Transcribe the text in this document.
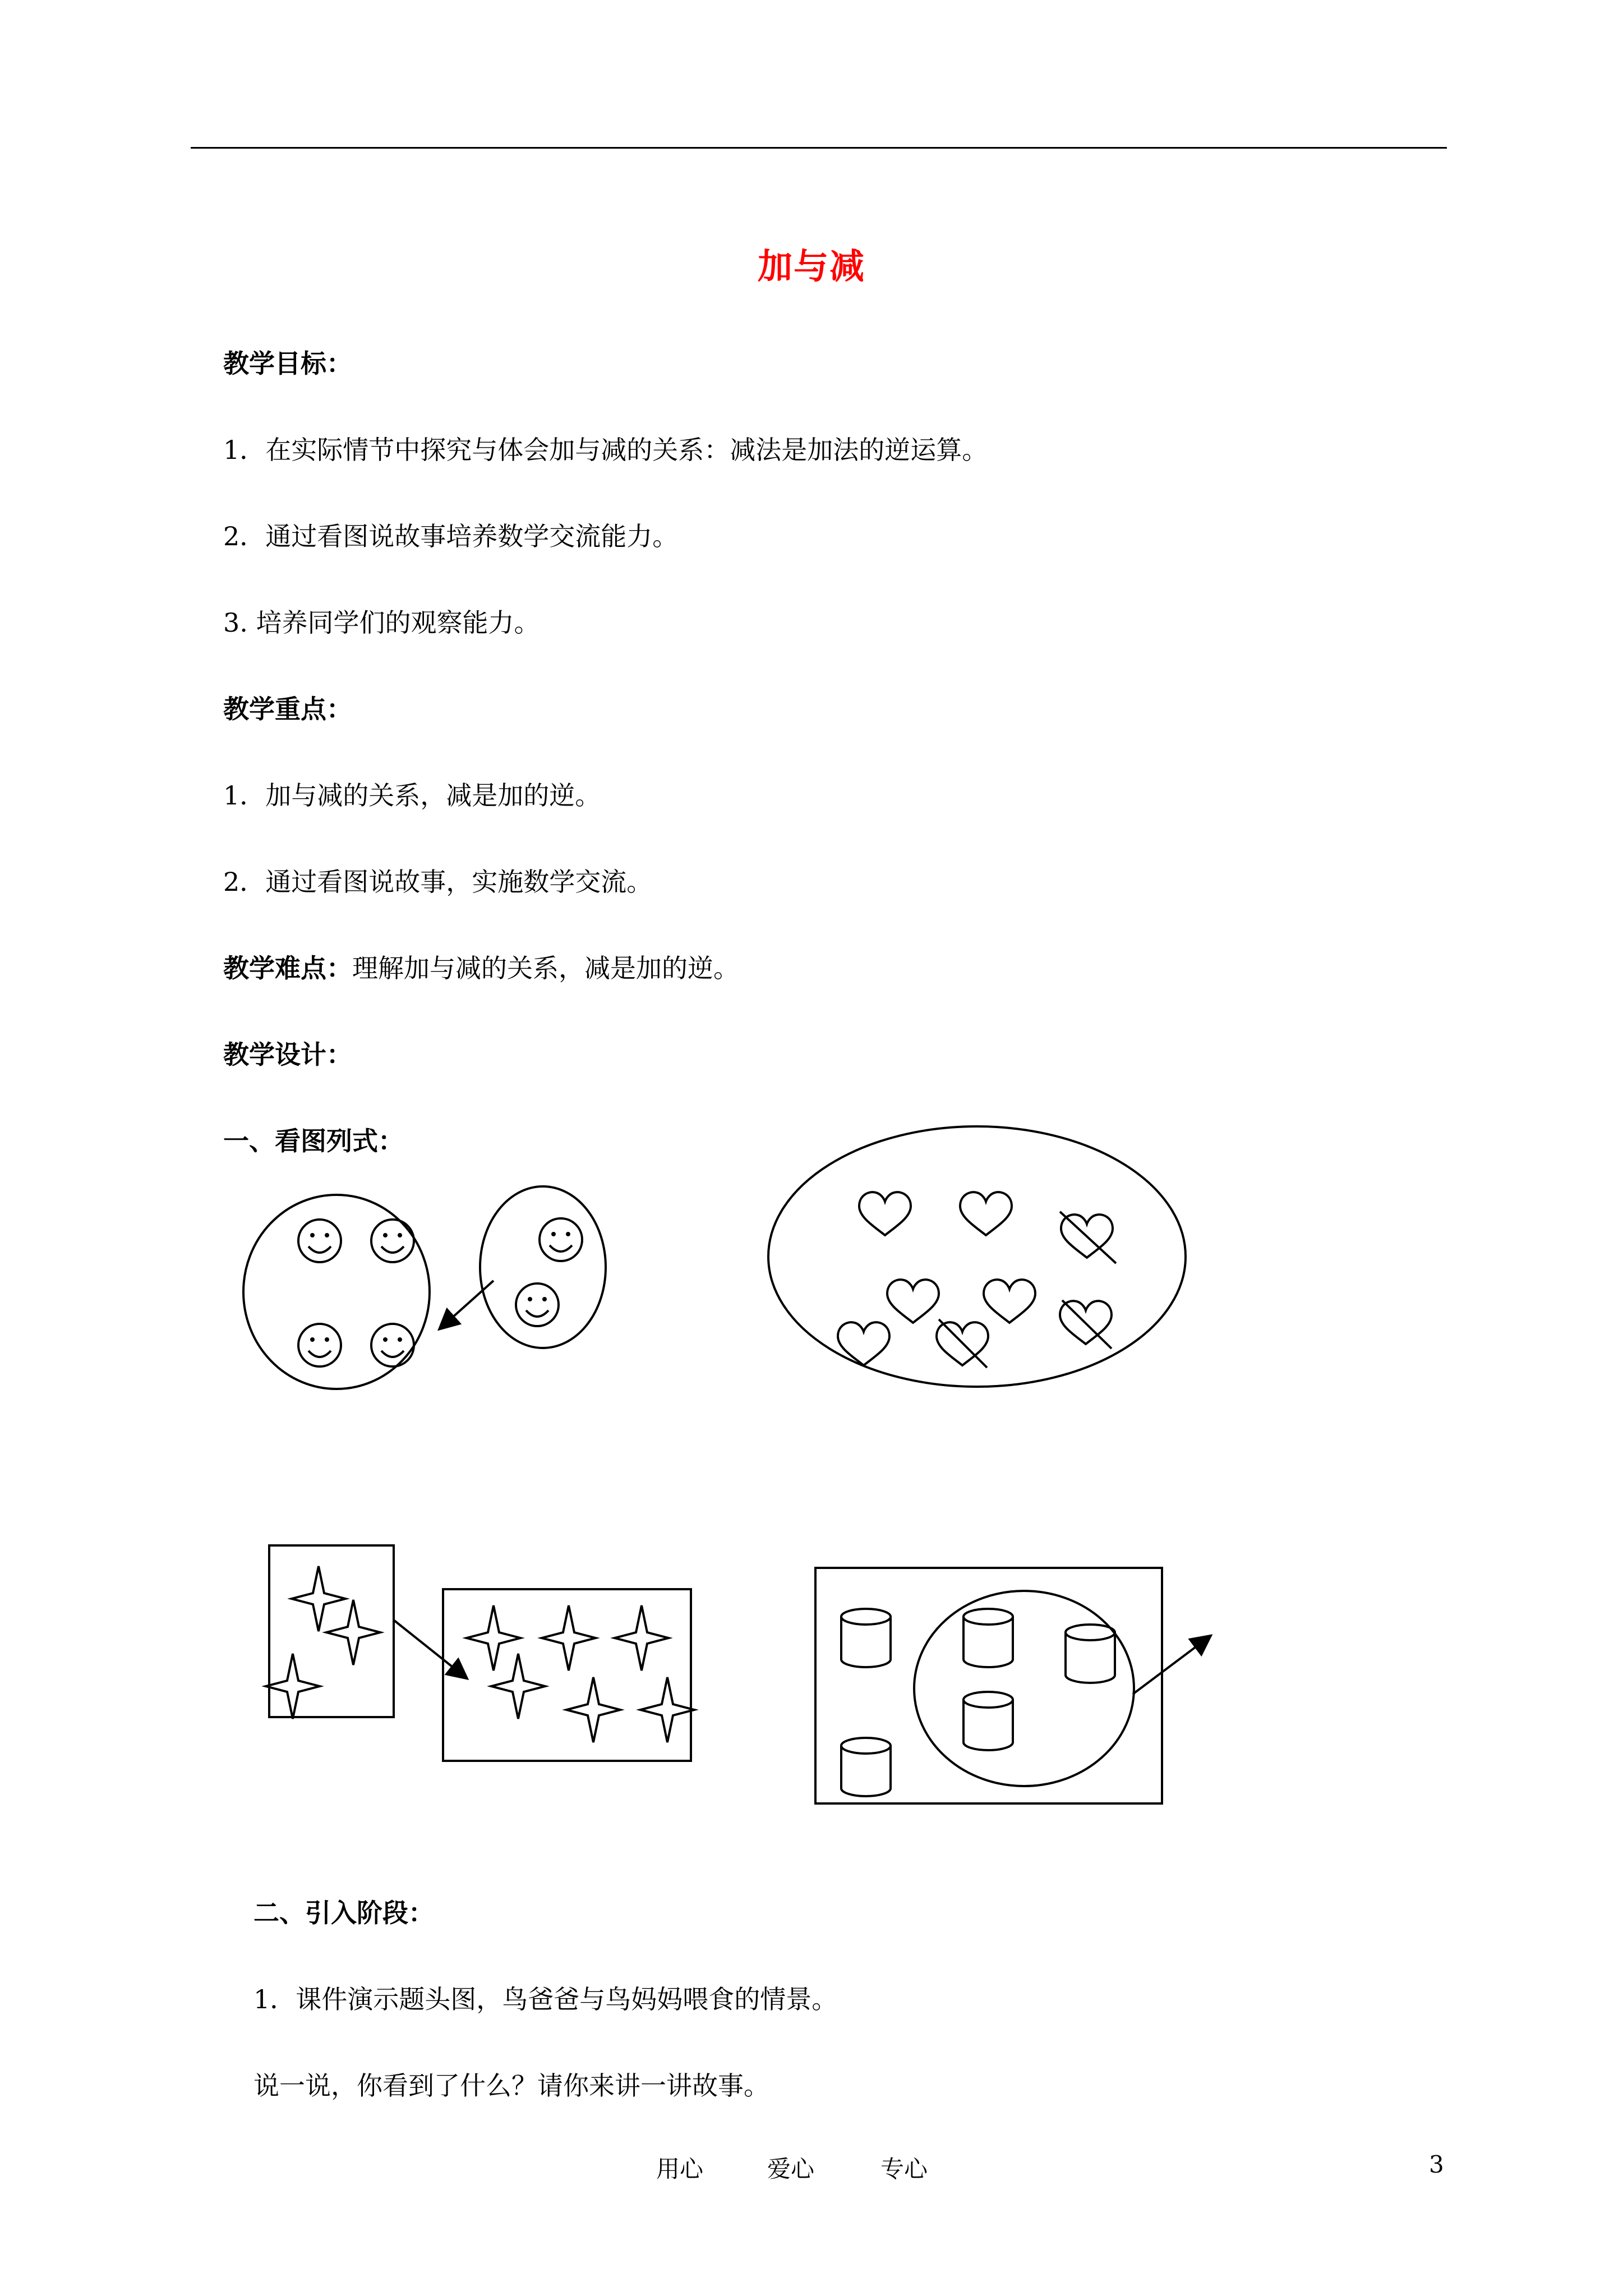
加与减
教学目标：
1．在实际情节中探究与体会加与减的关系：减法是加法的逆运算。
2．通过看图说故事培养数学交流能力。
3. 培养同学们的观察能力。
教学重点：
1．加与减的关系，减是加的逆。
2．通过看图说故事，实施数学交流。
教学难点：理解加与减的关系，减是加的逆。
教学设计：
一、看图列式：
二、引入阶段：
1．课件演示题头图，鸟爸爸与鸟妈妈喂食的情景。
说一说，你看到了什么？请你来讲一讲故事。
用心	爱心	专心	3
